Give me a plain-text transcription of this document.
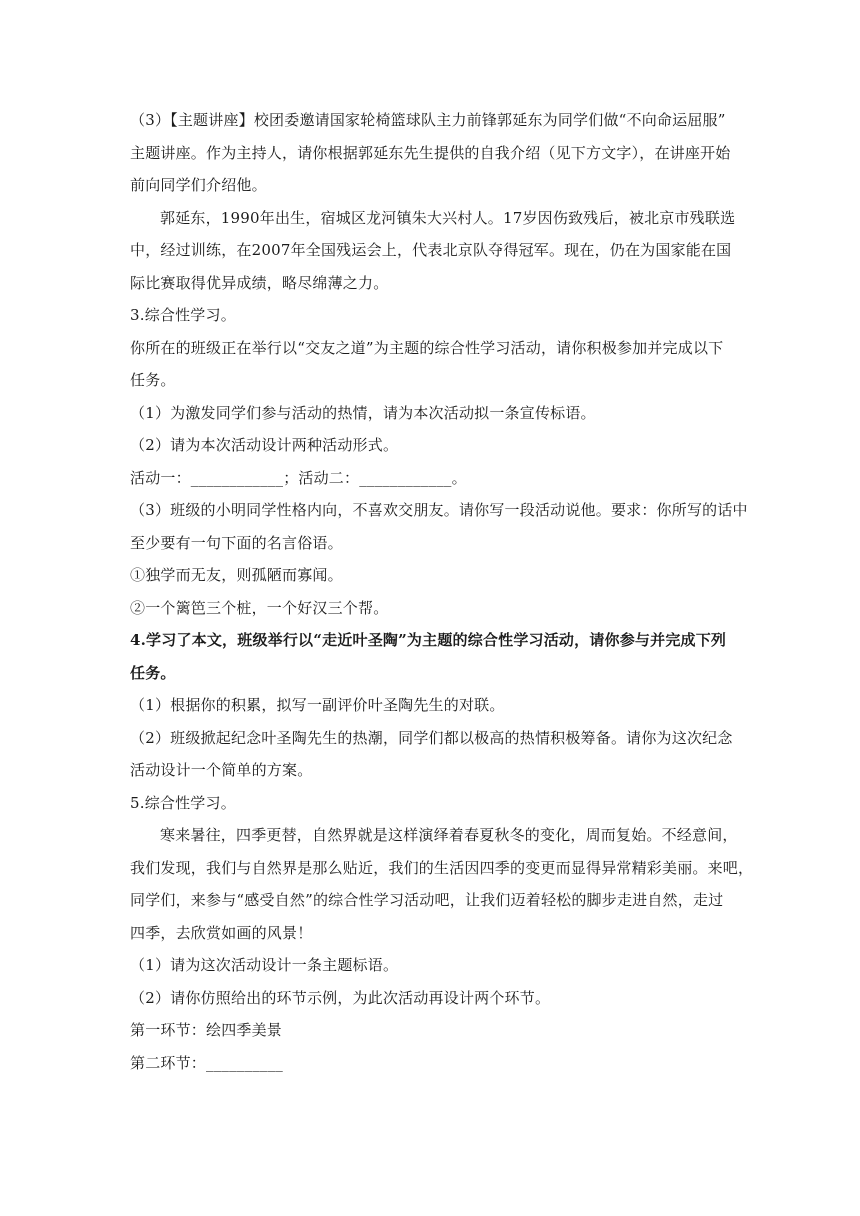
（3）【主题讲座】校团委邀请国家轮椅篮球队主力前锋郭延东为同学们做“不向命运屈服”
主题讲座。作为主持人，请你根据郭延东先生提供的自我介绍（见下方文字），在讲座开始
前向同学们介绍他。
郭延东，1990年出生，宿城区龙河镇朱大兴村人。17岁因伤致残后，被北京市残联选
中，经过训练，在2007年全国残运会上，代表北京队夺得冠军。现在，仍在为国家能在国
际比赛取得优异成绩，略尽绵薄之力。
3.综合性学习。
你所在的班级正在举行以“交友之道”为主题的综合性学习活动，请你积极参加并完成以下
任务。
（1）为激发同学们参与活动的热情，请为本次活动拟一条宣传标语。
（2）请为本次活动设计两种活动形式。
活动一：____________；活动二：____________。
（3）班级的小明同学性格内向，不喜欢交朋友。请你写一段活动说他。要求：你所写的话中
至少要有一句下面的名言俗语。
①独学而无友，则孤陋而寡闻。
②一个篱笆三个桩，一个好汉三个帮。
4.学习了本文，班级举行以“走近叶圣陶”为主题的综合性学习活动，请你参与并完成下列
任务。
（1）根据你的积累，拟写一副评价叶圣陶先生的对联。
（2）班级掀起纪念叶圣陶先生的热潮，同学们都以极高的热情积极筹备。请你为这次纪念
活动设计一个简单的方案。
5.综合性学习。
寒来暑往，四季更替，自然界就是这样演绎着春夏秋冬的变化，周而复始。不经意间，
我们发现，我们与自然界是那么贴近，我们的生活因四季的变更而显得异常精彩美丽。来吧，
同学们，来参与“感受自然”的综合性学习活动吧，让我们迈着轻松的脚步走进自然，走过
四季，去欣赏如画的风景！
（1）请为这次活动设计一条主题标语。
（2）请你仿照给出的环节示例，为此次活动再设计两个环节。
第一环节：绘四季美景
第二环节：__________
